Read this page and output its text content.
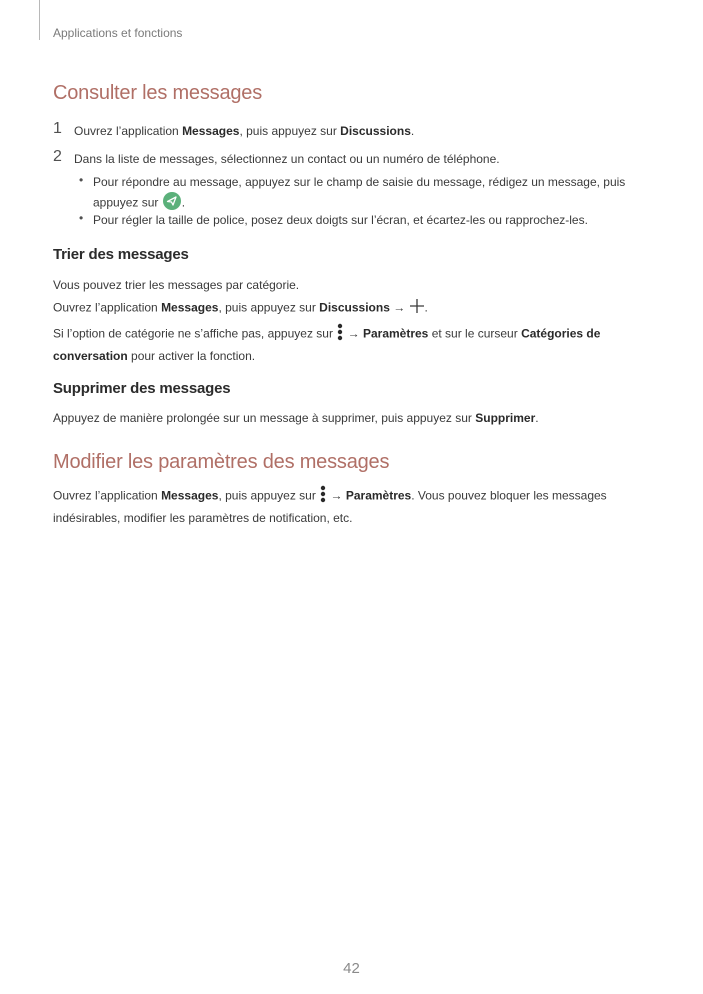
Applications et fonctions
Consulter les messages
1 Ouvrez l’application Messages, puis appuyez sur Discussions.
2 Dans la liste de messages, sélectionnez un contact ou un numéro de téléphone.
• Pour répondre au message, appuyez sur le champ de saisie du message, rédigez un message, puis
appuyez sur .
• Pour régler la taille de police, posez deux doigts sur l’écran, et écartez-les ou rapprochez-les.
Trier des messages
Vous pouvez trier les messages par catégorie.
Ouvrez l’application Messages, puis appuyez sur Discussions → .
Si l’option de catégorie ne s’affiche pas, appuyez sur  → Paramètres et sur le curseur Catégories de
conversation pour activer la fonction.
Supprimer des messages
Appuyez de manière prolongée sur un message à supprimer, puis appuyez sur Supprimer.
Modifier les paramètres des messages
Ouvrez l’application Messages, puis appuyez sur  → Paramètres. Vous pouvez bloquer les messages
indésirables, modifier les paramètres de notification, etc.
42
